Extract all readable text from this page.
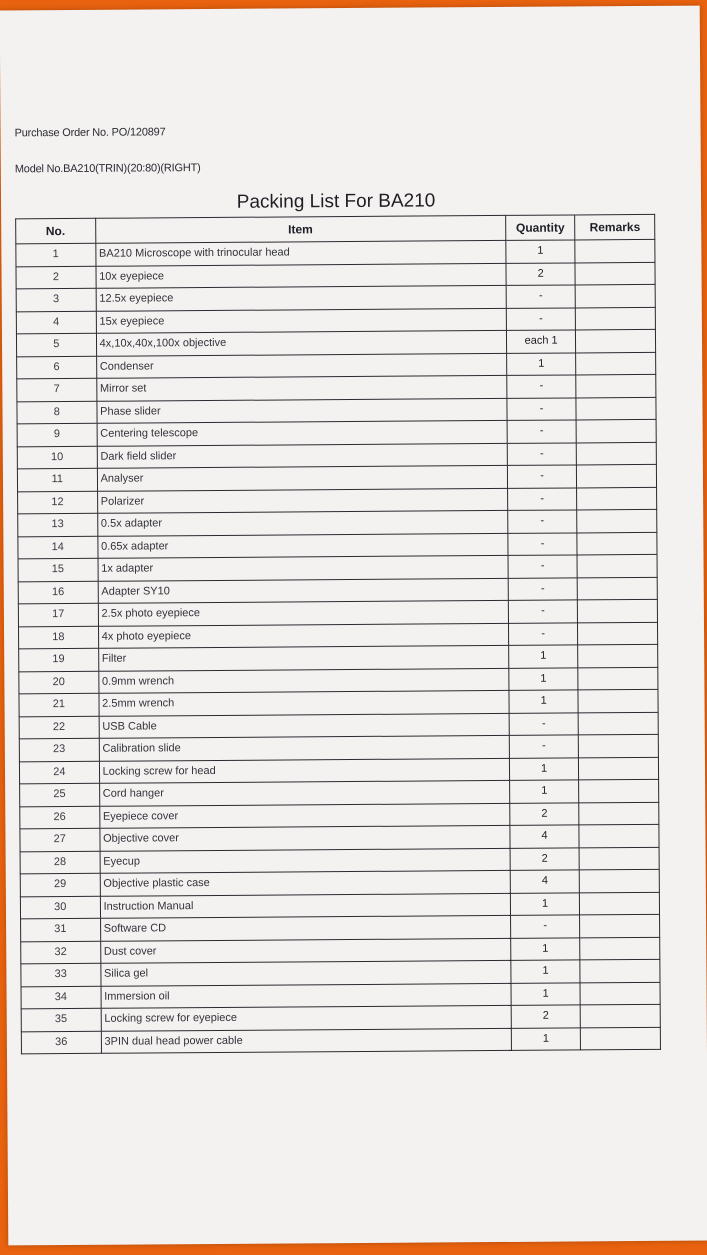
Purchase Order No. PO/120897
Model No.BA210(TRIN)(20:80)(RIGHT)
Packing List For BA210
No.	Item	Quantity	Remarks
1	BA210 Microscope with trinocular head	1	
2	10x eyepiece	2	
3	12.5x eyepiece	-	
4	15x eyepiece	-	
5	4x,10x,40x,100x objective	each 1	
6	Condenser	1	
7	Mirror set	-	
8	Phase slider	-	
9	Centering telescope	-	
10	Dark field slider	-	
11	Analyser	-	
12	Polarizer	-	
13	0.5x adapter	-	
14	0.65x adapter	-	
15	1x adapter	-	
16	Adapter SY10	-	
17	2.5x photo eyepiece	-	
18	4x photo eyepiece	-	
19	Filter	1	
20	0.9mm wrench	1	
21	2.5mm wrench	1	
22	USB Cable	-	
23	Calibration slide	-	
24	Locking screw for head	1	
25	Cord hanger	1	
26	Eyepiece cover	2	
27	Objective cover	4	
28	Eyecup	2	
29	Objective plastic case	4	
30	Instruction Manual	1	
31	Software CD	-	
32	Dust cover	1	
33	Silica gel	1	
34	Immersion oil	1	
35	Locking screw for eyepiece	2	
36	3PIN dual head power cable	1	
